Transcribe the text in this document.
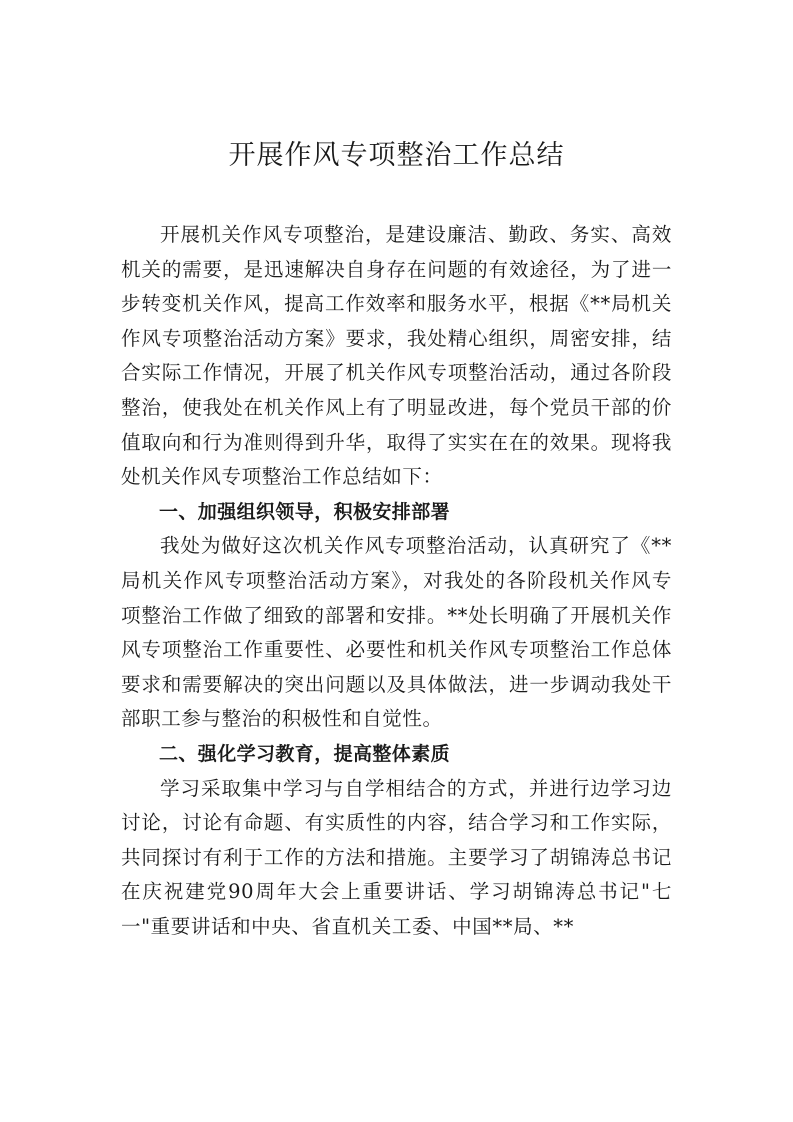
开展作风专项整治工作总结

开展机关作风专项整治，是建设廉洁、勤政、务实、高效机关的需要，是迅速解决自身存在问题的有效途径，为了进一步转变机关作风，提高工作效率和服务水平，根据《**局机关作风专项整治活动方案》要求，我处精心组织，周密安排，结合实际工作情况，开展了机关作风专项整治活动，通过各阶段整治，使我处在机关作风上有了明显改进，每个党员干部的价值取向和行为准则得到升华，取得了实实在在的效果。现将我处机关作风专项整治工作总结如下：

一、加强组织领导，积极安排部署

我处为做好这次机关作风专项整治活动，认真研究了《**局机关作风专项整治活动方案》，对我处的各阶段机关作风专项整治工作做了细致的部署和安排。**处长明确了开展机关作风专项整治工作重要性、必要性和机关作风专项整治工作总体要求和需要解决的突出问题以及具体做法，进一步调动我处干部职工参与整治的积极性和自觉性。

二、强化学习教育，提高整体素质

学习采取集中学习与自学相结合的方式，并进行边学习边讨论，讨论有命题、有实质性的内容，结合学习和工作实际，共同探讨有利于工作的方法和措施。主要学习了胡锦涛总书记在庆祝建党90周年大会上重要讲话、学习胡锦涛总书记"七一"重要讲话和中央、省直机关工委、中国**局、**
